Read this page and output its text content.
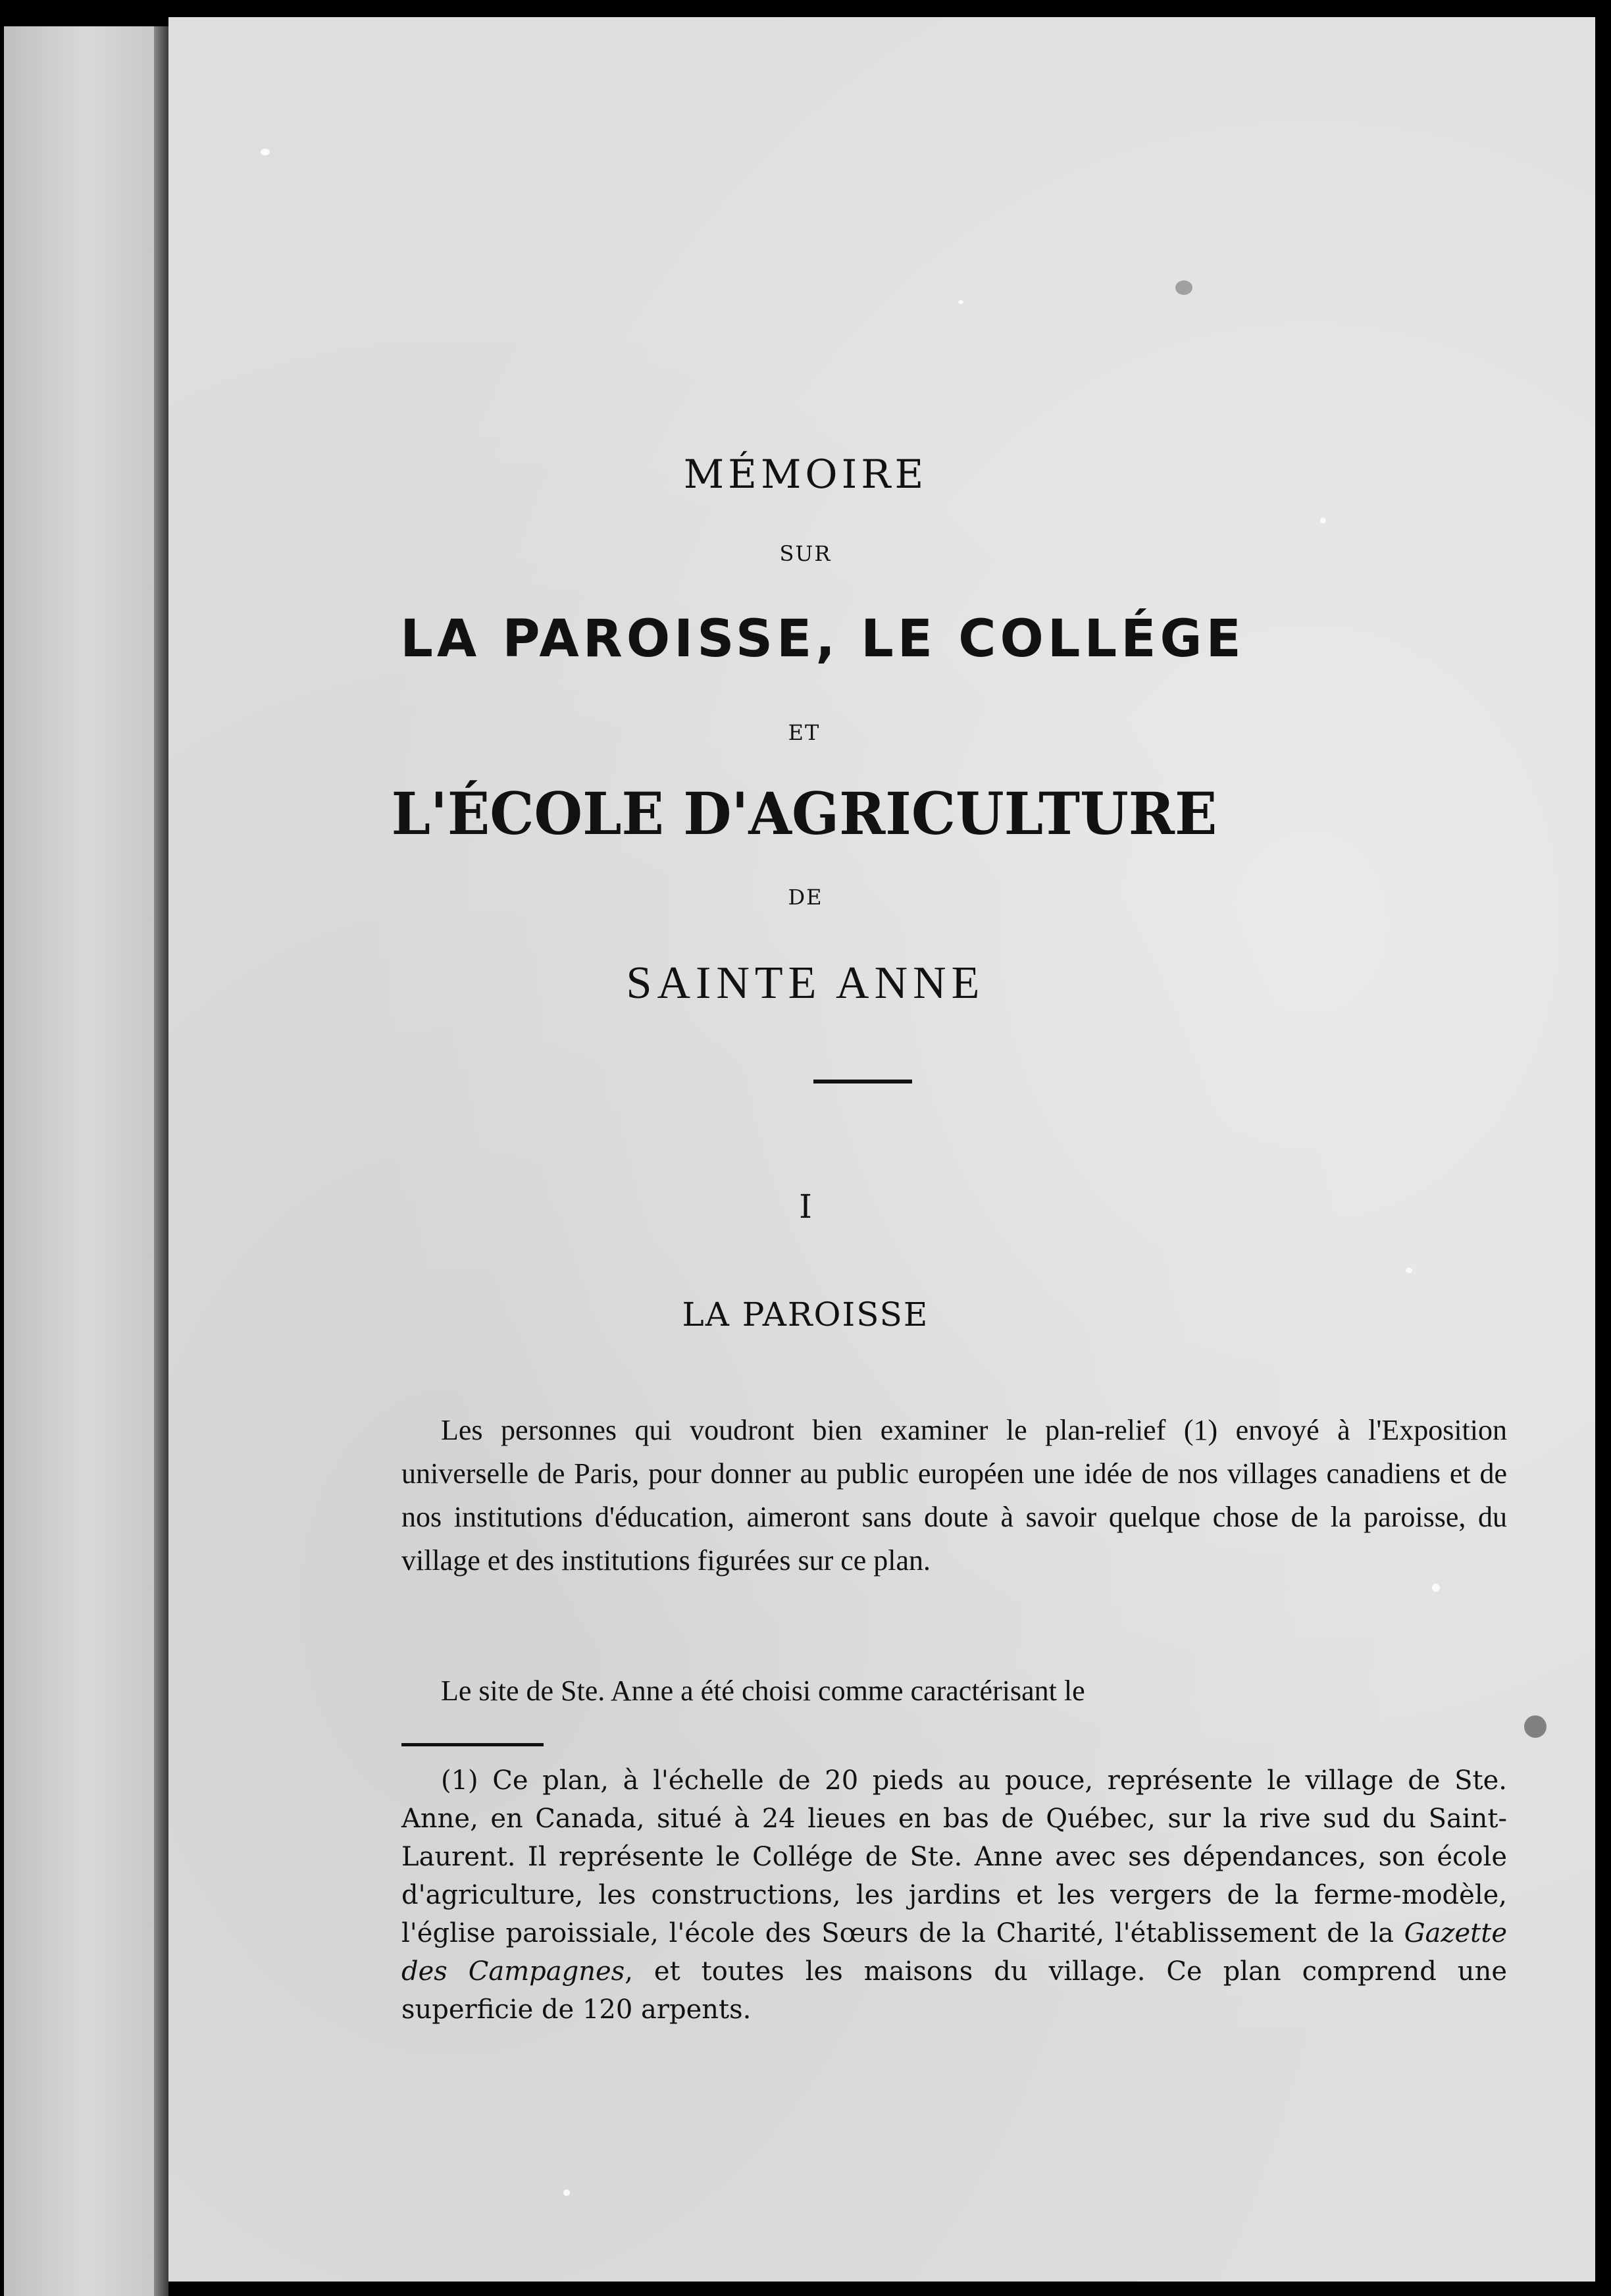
MÉMOIRE
SUR
LA PAROISSE, LE COLLÉGE
ET
L'ÉCOLE D'AGRICULTURE
DE
SAINTE ANNE
I
LA PAROISSE

Les personnes qui voudront bien examiner le plan-relief (1) envoyé à l'Exposition universelle de Paris, pour donner au public européen une idée de nos villages canadiens et de nos institutions d'éducation, aimeront sans doute à savoir quelque chose de la paroisse, du village et des institutions figurées sur ce plan.

Le site de Ste. Anne a été choisi comme caractérisant le

(1) Ce plan, à l'échelle de 20 pieds au pouce, représente le village de Ste. Anne, en Canada, situé à 24 lieues en bas de Québec, sur la rive sud du Saint-Laurent. Il représente le Collége de Ste. Anne avec ses dépendances, son école d'agriculture, les constructions, les jardins et les vergers de la ferme-modèle, l'église paroissiale, l'école des Sœurs de la Charité, l'établissement de la Gazette des Campagnes, et toutes les maisons du village. Ce plan comprend une superficie de 120 arpents.
